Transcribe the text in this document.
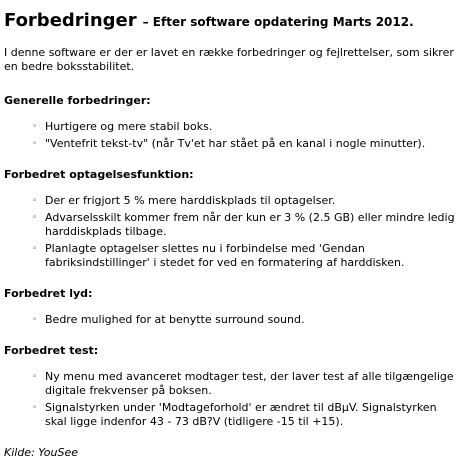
Forbedringer – Efter software opdatering Marts 2012.
I denne software er der er lavet en række forbedringer og fejlrettelser, som sikrer en bedre boksstabilitet.
Generelle forbedringer:
◦ Hurtigere og mere stabil boks.
◦ "Ventefrit tekst-tv" (når Tv'et har stået på en kanal i nogle minutter).
Forbedret optagelsesfunktion:
◦ Der er frigjort 5 % mere harddiskplads til optagelser.
◦ Advarselsskilt kommer frem når der kun er 3 % (2.5 GB) eller mindre ledig harddiskplads tilbage.
◦ Planlagte optagelser slettes nu i forbindelse med 'Gendan fabriksindstillinger' i stedet for ved en formatering af harddisken.
Forbedret lyd:
◦ Bedre mulighed for at benytte surround sound.
Forbedret test:
◦ Ny menu med avanceret modtager test, der laver test af alle tilgængelige digitale frekvenser på boksen.
◦ Signalstyrken under 'Modtageforhold' er ændret til dBµV. Signalstyrken skal ligge indenfor 43 - 73 dB?V (tidligere -15 til +15).
Kilde: YouSee
